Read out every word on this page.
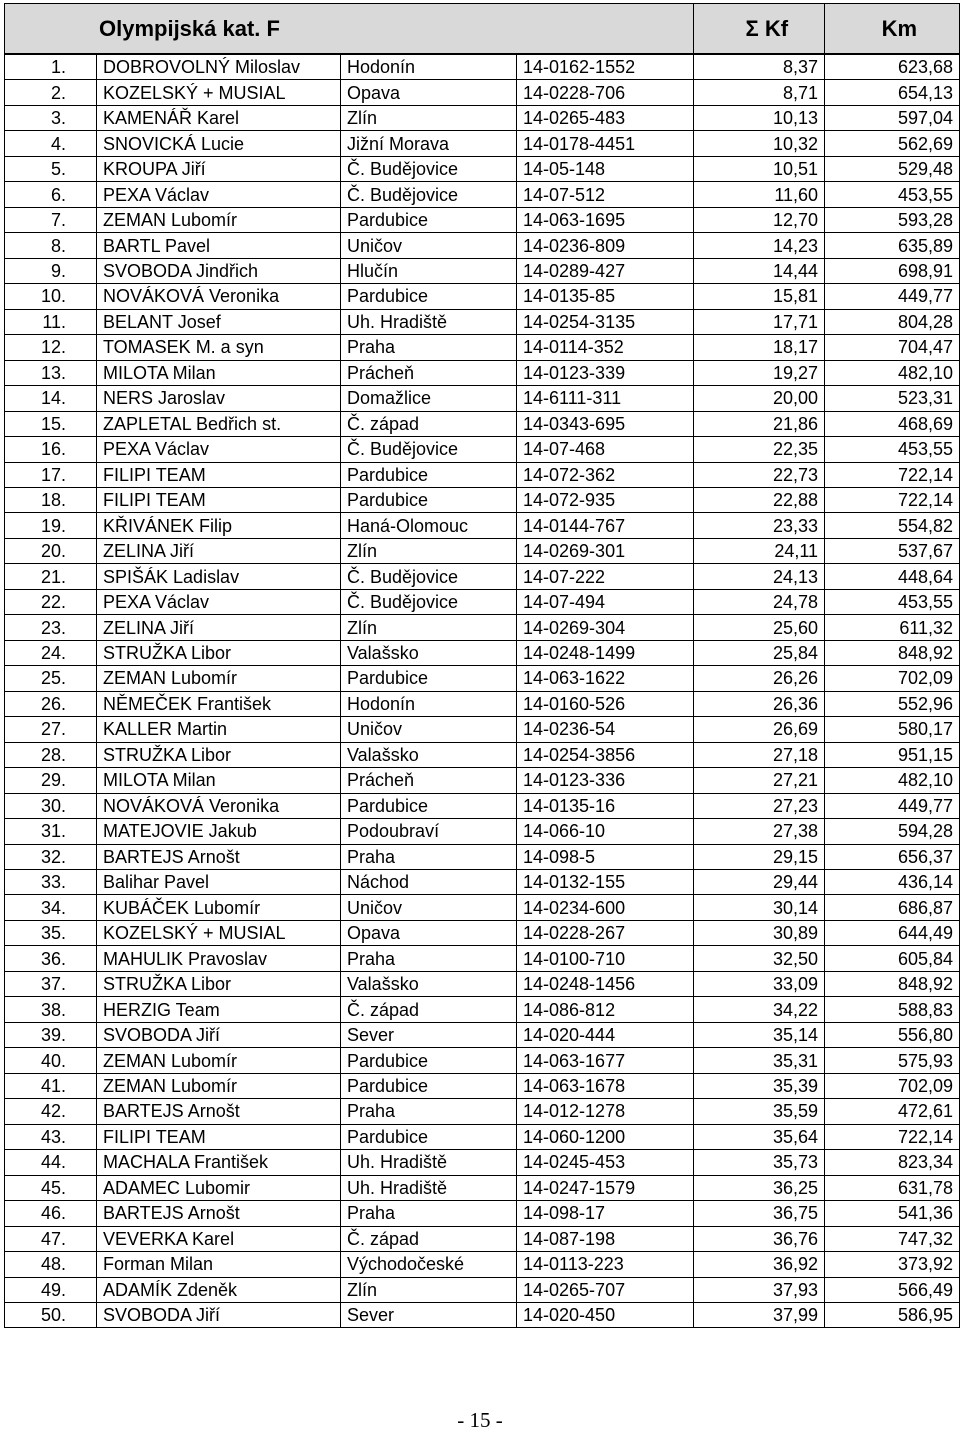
Olympijská kat. F				Σ Kf	Km
1.	DOBROVOLNÝ Miloslav	Hodonín	14-0162-1552	8,37	623,68
2.	KOZELSKÝ + MUSIAL	Opava	14-0228-706	8,71	654,13
3.	KAMENÁŘ Karel	Zlín	14-0265-483	10,13	597,04
4.	SNOVICKÁ Lucie	Jižní Morava	14-0178-4451	10,32	562,69
5.	KROUPA Jiří	Č. Budějovice	14-05-148	10,51	529,48
6.	PEXA Václav	Č. Budějovice	14-07-512	11,60	453,55
7.	ZEMAN Lubomír	Pardubice	14-063-1695	12,70	593,28
8.	BARTL Pavel	Uničov	14-0236-809	14,23	635,89
9.	SVOBODA Jindřich	Hlučín	14-0289-427	14,44	698,91
10.	NOVÁKOVÁ Veronika	Pardubice	14-0135-85	15,81	449,77
11.	BELANT Josef	Uh. Hradiště	14-0254-3135	17,71	804,28
12.	TOMASEK M. a syn	Praha	14-0114-352	18,17	704,47
13.	MILOTA Milan	Prácheň	14-0123-339	19,27	482,10
14.	NERS Jaroslav	Domažlice	14-6111-311	20,00	523,31
15.	ZAPLETAL Bedřich st.	Č. západ	14-0343-695	21,86	468,69
16.	PEXA Václav	Č. Budějovice	14-07-468	22,35	453,55
17.	FILIPI TEAM	Pardubice	14-072-362	22,73	722,14
18.	FILIPI TEAM	Pardubice	14-072-935	22,88	722,14
19.	KŘIVÁNEK Filip	Haná-Olomouc	14-0144-767	23,33	554,82
20.	ZELINA Jiří	Zlín	14-0269-301	24,11	537,67
21.	SPIŠÁK Ladislav	Č. Budějovice	14-07-222	24,13	448,64
22.	PEXA Václav	Č. Budějovice	14-07-494	24,78	453,55
23.	ZELINA Jiří	Zlín	14-0269-304	25,60	611,32
24.	STRUŽKA Libor	Valašsko	14-0248-1499	25,84	848,92
25.	ZEMAN Lubomír	Pardubice	14-063-1622	26,26	702,09
26.	NĚMEČEK František	Hodonín	14-0160-526	26,36	552,96
27.	KALLER Martin	Uničov	14-0236-54	26,69	580,17
28.	STRUŽKA Libor	Valašsko	14-0254-3856	27,18	951,15
29.	MILOTA Milan	Prácheň	14-0123-336	27,21	482,10
30.	NOVÁKOVÁ Veronika	Pardubice	14-0135-16	27,23	449,77
31.	MATEJOVIE Jakub	Podoubraví	14-066-10	27,38	594,28
32.	BARTEJS Arnošt	Praha	14-098-5	29,15	656,37
33.	Balihar Pavel	Náchod	14-0132-155	29,44	436,14
34.	KUBÁČEK Lubomír	Uničov	14-0234-600	30,14	686,87
35.	KOZELSKÝ + MUSIAL	Opava	14-0228-267	30,89	644,49
36.	MAHULIK Pravoslav	Praha	14-0100-710	32,50	605,84
37.	STRUŽKA Libor	Valašsko	14-0248-1456	33,09	848,92
38.	HERZIG Team	Č. západ	14-086-812	34,22	588,83
39.	SVOBODA Jiří	Sever	14-020-444	35,14	556,80
40.	ZEMAN Lubomír	Pardubice	14-063-1677	35,31	575,93
41.	ZEMAN Lubomír	Pardubice	14-063-1678	35,39	702,09
42.	BARTEJS Arnošt	Praha	14-012-1278	35,59	472,61
43.	FILIPI TEAM	Pardubice	14-060-1200	35,64	722,14
44.	MACHALA František	Uh. Hradiště	14-0245-453	35,73	823,34
45.	ADAMEC Lubomir	Uh. Hradiště	14-0247-1579	36,25	631,78
46.	BARTEJS Arnošt	Praha	14-098-17	36,75	541,36
47.	VEVERKA Karel	Č. západ	14-087-198	36,76	747,32
48.	Forman Milan	Východočeské	14-0113-223	36,92	373,92
49.	ADAMÍK Zdeněk	Zlín	14-0265-707	37,93	566,49
50.	SVOBODA Jiří	Sever	14-020-450	37,99	586,95
- 15 -
